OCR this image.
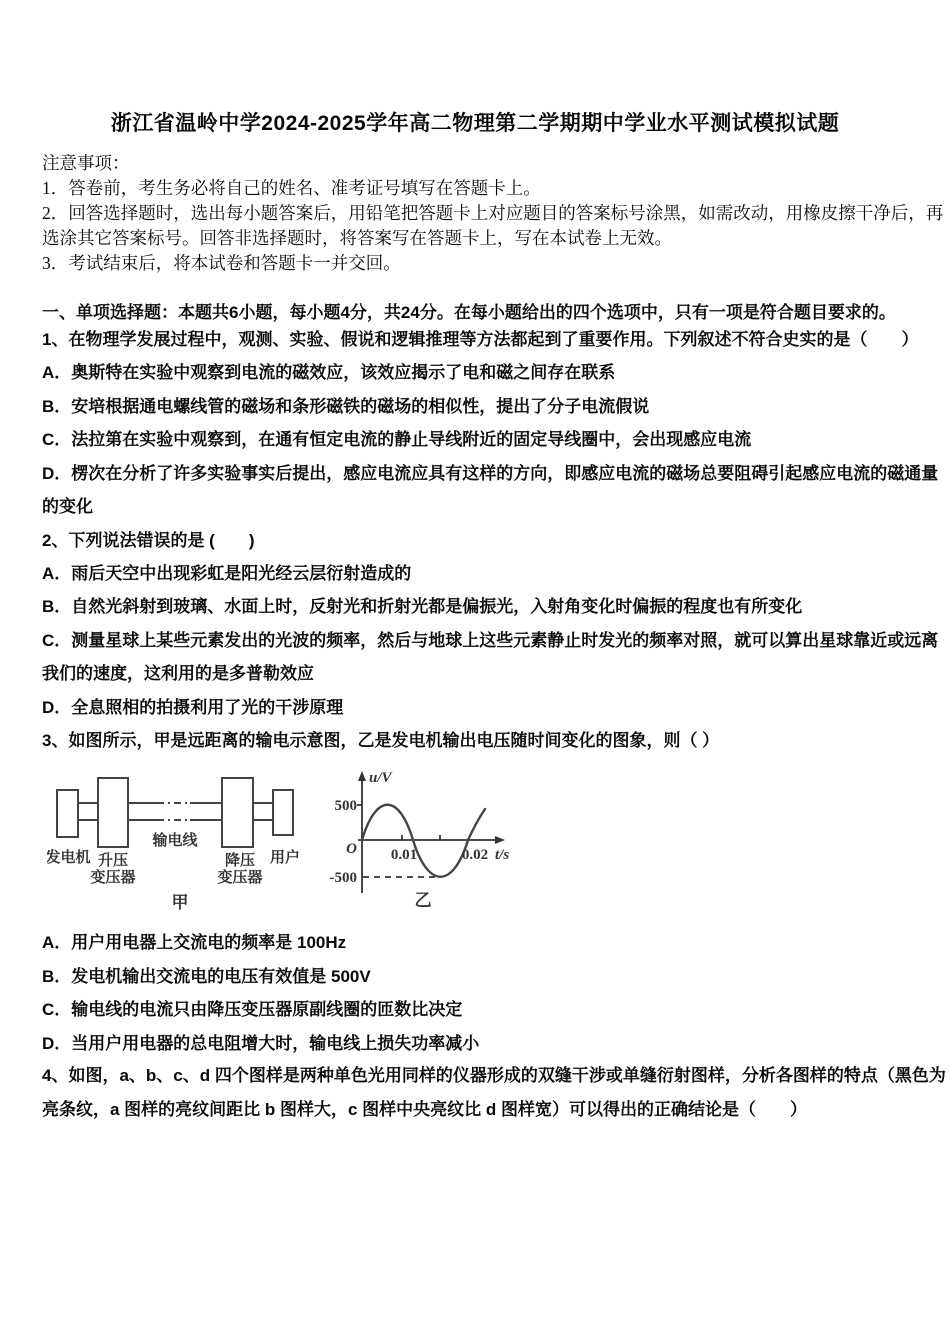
浙江省温岭中学2024-2025学年高二物理第二学期期中学业水平测试模拟试题
注意事项：
1．答卷前，考生务必将自己的姓名、准考证号填写在答题卡上。
2．回答选择题时，选出每小题答案后，用铅笔把答题卡上对应题目的答案标号涂黑，如需改动，用橡皮擦干净后，再选涂其它答案标号。回答非选择题时，将答案写在答题卡上，写在本试卷上无效。
3．考试结束后，将本试卷和答题卡一并交回。
一、单项选择题：本题共6小题，每小题4分，共24分。在每小题给出的四个选项中，只有一项是符合题目要求的。
1、在物理学发展过程中，观测、实验、假说和逻辑推理等方法都起到了重要作用。下列叙述不符合史实的是（　　）
A．奥斯特在实验中观察到电流的磁效应，该效应揭示了电和磁之间存在联系
B．安培根据通电螺线管的磁场和条形磁铁的磁场的相似性，提出了分子电流假说
C．法拉第在实验中观察到，在通有恒定电流的静止导线附近的固定导线圈中，会出现感应电流
D．楞次在分析了许多实验事实后提出，感应电流应具有这样的方向，即感应电流的磁场总要阻碍引起感应电流的磁通量的变化
2、下列说法错误的是 (　　)
A．雨后天空中出现彩虹是阳光经云层衍射造成的
B．自然光斜射到玻璃、水面上时，反射光和折射光都是偏振光，入射角变化时偏振的程度也有所变化
C．测量星球上某些元素发出的光波的频率，然后与地球上这些元素静止时发光的频率对照，就可以算出星球靠近或远离我们的速度，这利用的是多普勒效应
D．全息照相的拍摄利用了光的干涉原理
3、如图所示，甲是远距离的输电示意图，乙是发电机输出电压随时间变化的图象，则（ ）
发电机 升压
变压器
输电线
降压
变压器
用户
甲
u/V
500
O 0.01	0.02 t/s
-500
乙
A．用户用电器上交流电的频率是 100Hz
B．发电机输出交流电的电压有效值是 500V
C．输电线的电流只由降压变压器原副线圈的匝数比决定
D．当用户用电器的总电阻增大时，输电线上损失功率减小
4、如图，a、b、c、d 四个图样是两种单色光用同样的仪器形成的双缝干涉或单缝衍射图样，分析各图样的特点（黑色为亮条纹，a 图样的亮纹间距比 b 图样大，c 图样中央亮纹比 d 图样宽）可以得出的正确结论是（　　）
